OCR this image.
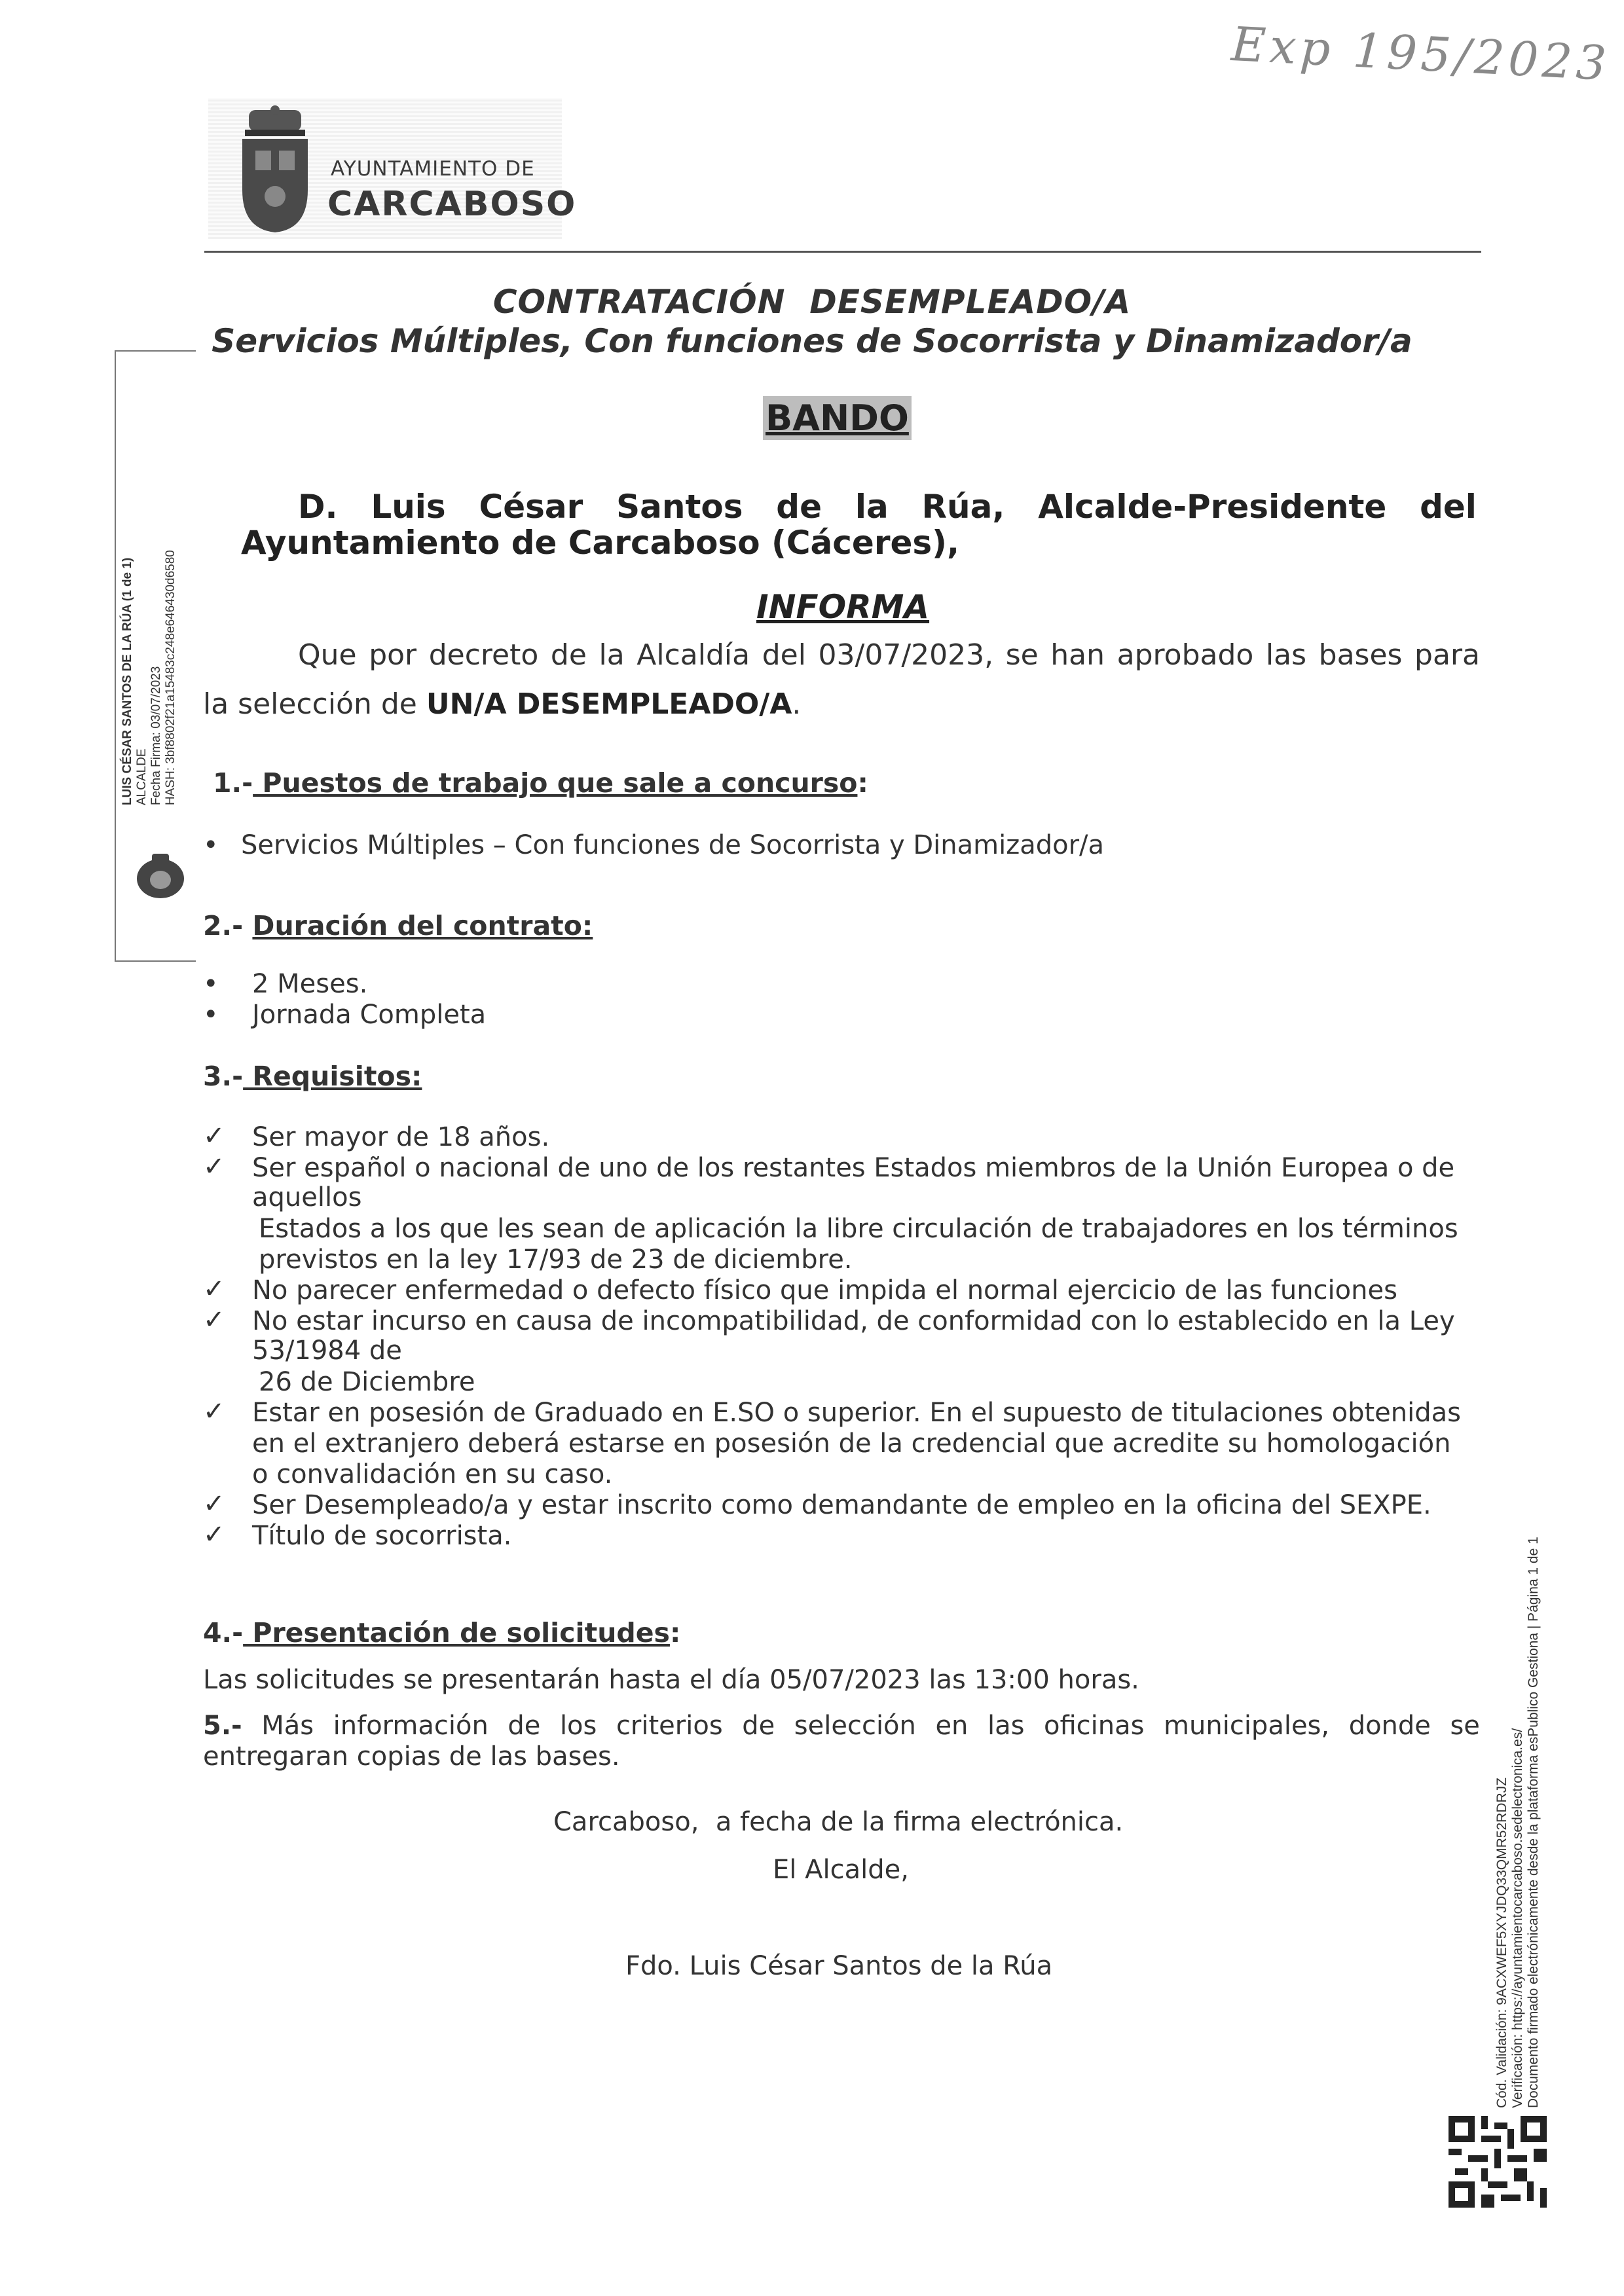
Exp 195/2023
AYUNTAMIENTO DE
CARCABOSO
LUIS CÉSAR SANTOS DE LA RÚA (1 de 1) ALCALDE Fecha Firma: 03/07/2023 HASH: 3bf8802f21a15483c248e646430d6580
Cód. Validación: 9ACXWEF5XYJDQ33QMR52RDRJZ Verificación: https://ayuntamientocarcaboso.sedelectronica.es/ Documento firmado electrónicamente desde la plataforma esPublico Gestiona | Página 1 de 1
CONTRATACIÓN  DESEMPLEADO/A
Servicios Múltiples, Con funciones de Socorrista y Dinamizador/a
BANDO
D. Luis César Santos de la Rúa, Alcalde-Presidente del
Ayuntamiento de Carcaboso (Cáceres),
INFORMA
Que por decreto de la Alcaldía del 03/07/2023, se han aprobado las bases para
la selección de UN/A DESEMPLEADO/A.
1.- Puestos de trabajo que sale a concurso:
• Servicios Múltiples – Con funciones de Socorrista y Dinamizador/a
2.- Duración del contrato:
• 2 Meses.
• Jornada Completa
3.- Requisitos:
✓ Ser mayor de 18 años.
✓ Ser español o nacional de uno de los restantes Estados miembros de la Unión Europea o de
aquellos
Estados a los que les sean de aplicación la libre circulación de trabajadores en los términos
previstos en la ley 17/93 de 23 de diciembre.
✓ No parecer enfermedad o defecto físico que impida el normal ejercicio de las funciones
✓ No estar incurso en causa de incompatibilidad, de conformidad con lo establecido en la Ley
53/1984 de
26 de Diciembre
✓ Estar en posesión de Graduado en E.SO o superior. En el supuesto de titulaciones obtenidas
en el extranjero deberá estarse en posesión de la credencial que acredite su homologación
o convalidación en su caso.
✓ Ser Desempleado/a y estar inscrito como demandante de empleo en la oficina del SEXPE.
✓ Título de socorrista.
4.- Presentación de solicitudes:
Las solicitudes se presentarán hasta el día 05/07/2023 las 13:00 horas.
5.- Más información de los criterios de selección en las oficinas municipales, donde se
entregaran copias de las bases.
Carcaboso,  a fecha de la firma electrónica.
El Alcalde,
Fdo. Luis César Santos de la Rúa
